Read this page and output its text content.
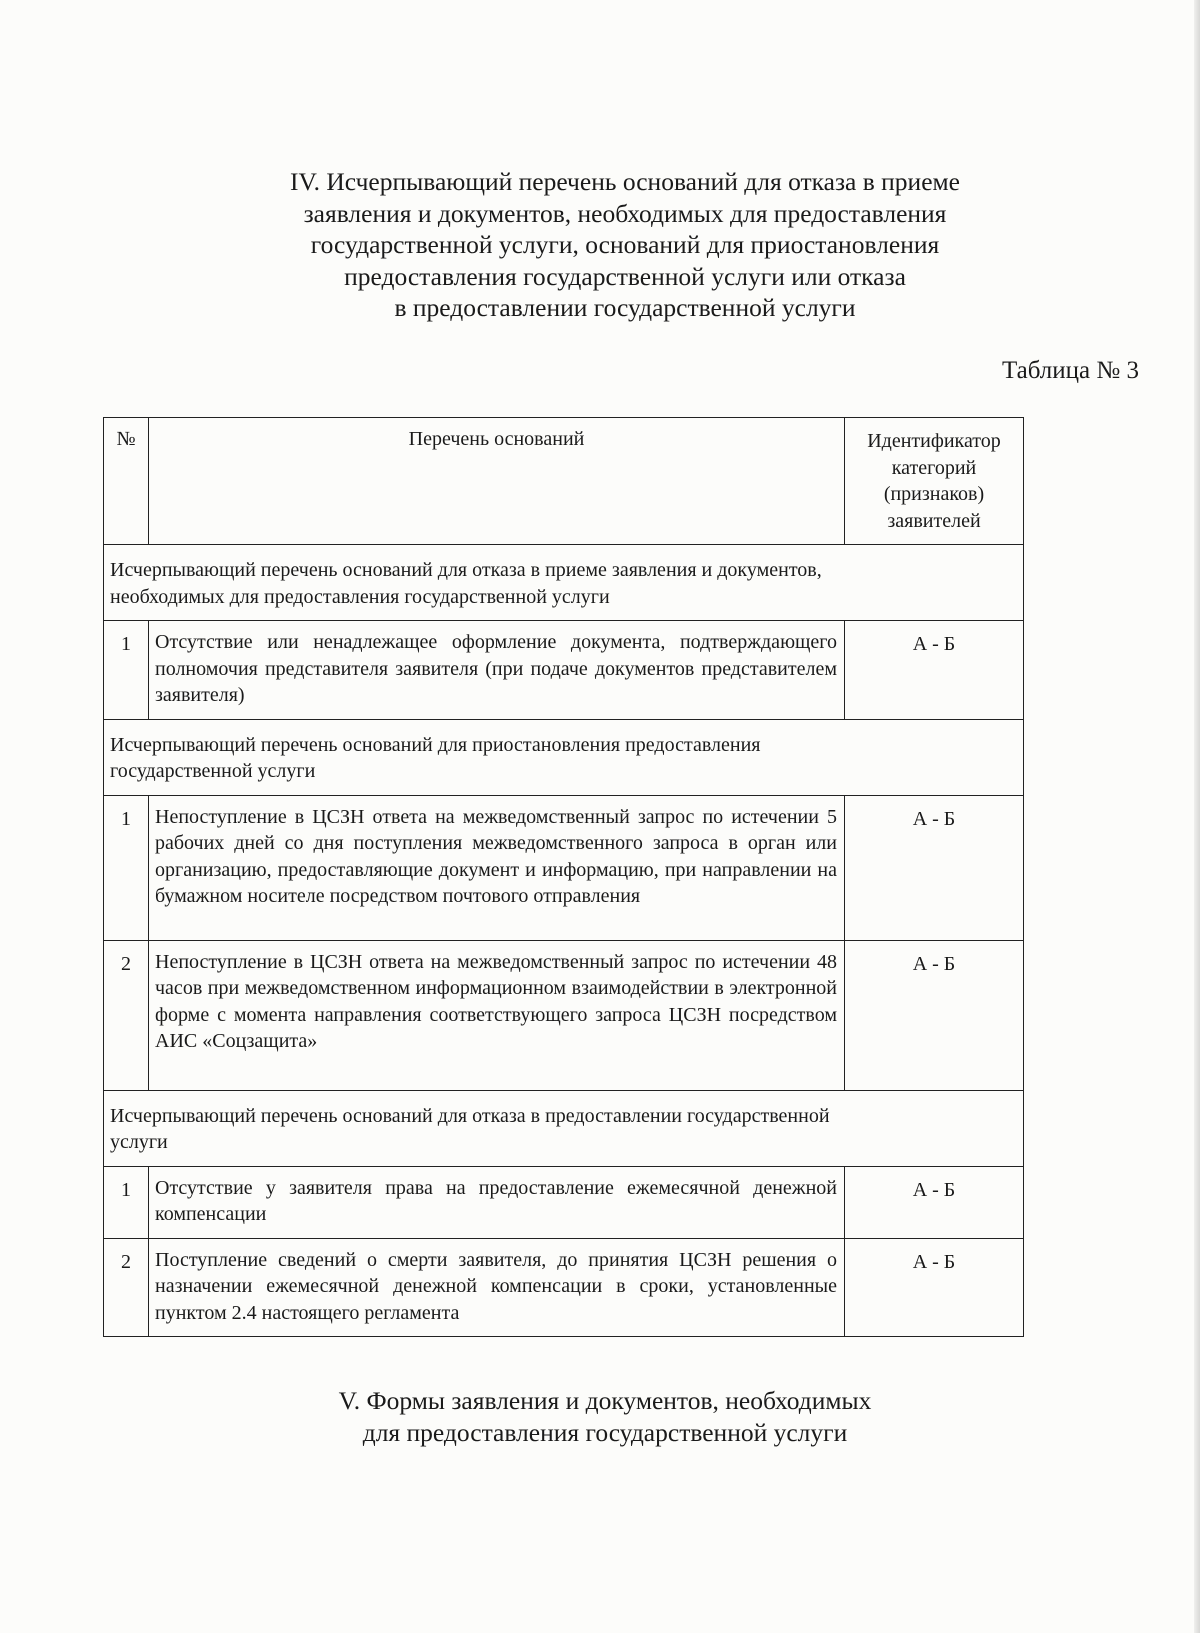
IV. Исчерпывающий перечень оснований для отказа в приеме
заявления и документов, необходимых для предоставления
государственной услуги, оснований для приостановления
предоставления государственной услуги или отказа
в предоставлении государственной услуги
Таблица № 3
№	Перечень оснований	Идентификатор
категорий
(признаков)
заявителей

Исчерпывающий перечень оснований для отказа в приеме заявления и документов,
необходимых для предоставления государственной услуги		

1	Отсутствие или ненадлежащее оформление документа, подтверждающего полномочия представителя заявителя (при подаче документов представителем заявителя)	А - Б

Исчерпывающий перечень оснований для приостановления предоставления
государственной услуги		

1	Непоступление в ЦСЗН ответа на межведомственный запрос по истечении 5 рабочих дней со дня поступления межведомственного запроса в орган или организацию, предоставляющие документ и информацию, при направлении на бумажном носителе посредством почтового отправления	А - Б
2	Непоступление в ЦСЗН ответа на межведомственный запрос по истечении 48 часов при межведомственном информационном взаимодействии в электронной форме с момента направления соответствующего запроса ЦСЗН посредством АИС «Соцзащита»	А - Б

Исчерпывающий перечень оснований для отказа в предоставлении государственной
услуги		

1	Отсутствие у заявителя права на предоставление ежемесячной денежной компенсации	А - Б
2	Поступление сведений о смерти заявителя, до принятия ЦСЗН решения о назначении ежемесячной денежной компенсации в сроки, установленные пунктом 2.4 настоящего регламента	А - Б
V. Формы заявления и документов, необходимых
для предоставления государственной услуги
